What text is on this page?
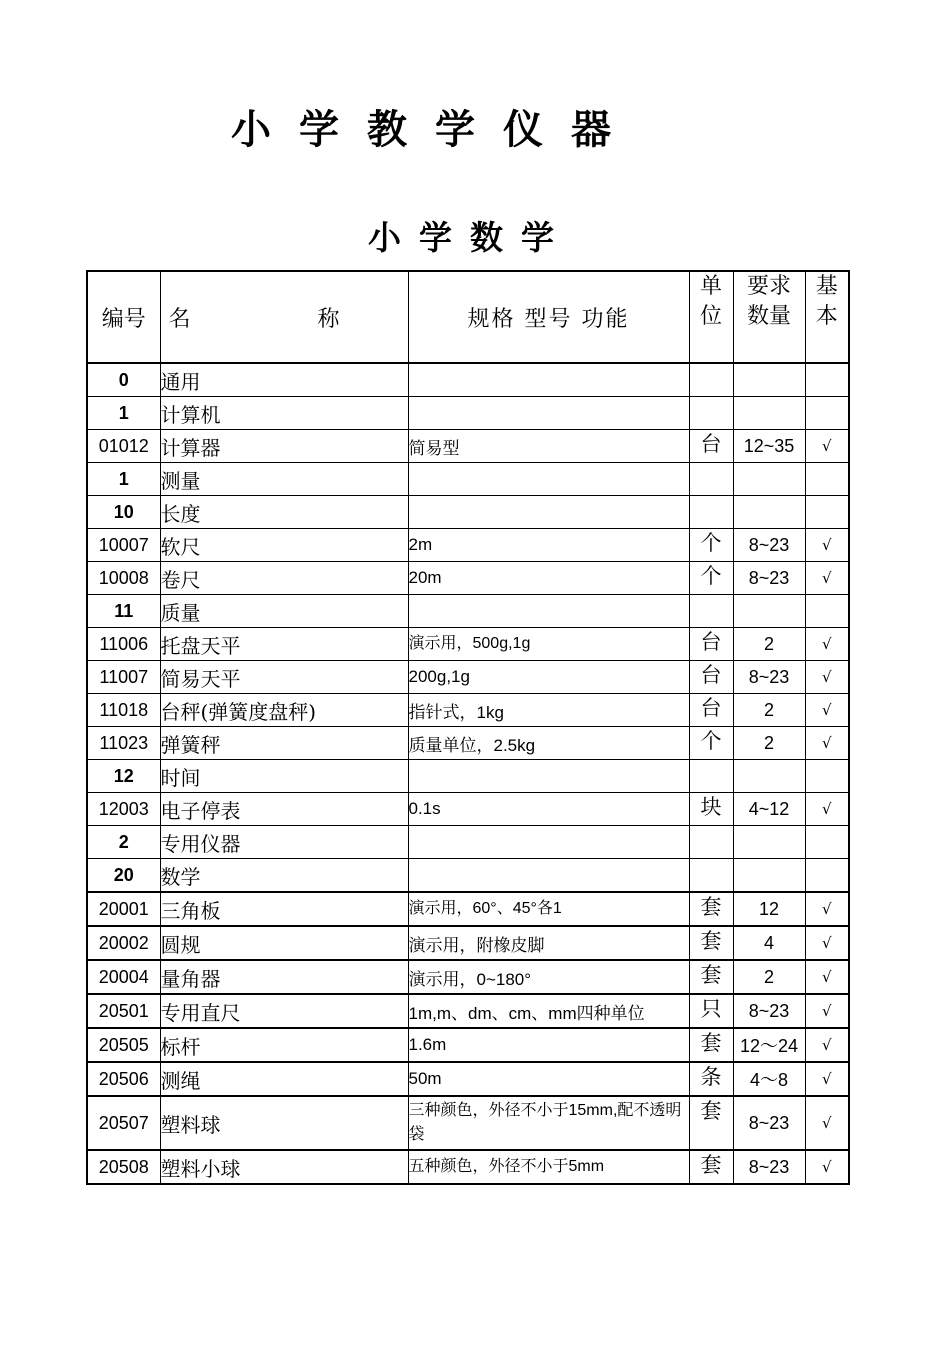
小学教学仪器
小学数学
编号	名 称	规格 型号 功能	单位	要求数量	基本
0	通用				
1	计算机				
01012	计算器	简易型	台	12~35	√
1	测量				
10	长度				
10007	软尺	2m	个	8~23	√
10008	卷尺	20m	个	8~23	√
11	质量				
11006	托盘天平	演示用，500g,1g	台	2	√
11007	简易天平	200g,1g	台	8~23	√
11018	台秤(弹簧度盘秤)	指针式，1kg	台	2	√
11023	弹簧秤	质量单位，2.5kg	个	2	√
12	时间				
12003	电子停表	0.1s	块	4~12	√
2	专用仪器				
20	数学				
20001	三角板	演示用，60°、45°各1	套	12	√
20002	圆规	演示用，附橡皮脚	套	4	√
20004	量角器	演示用，0~180°	套	2	√
20501	专用直尺	1m,m、dm、cm、mm四种单位	只	8~23	√
20505	标杆	1.6m	套	12～24	√
20506	测绳	50m	条	4～8	√
20507	塑料球	三种颜色，外径不小于15mm,配不透明袋	套	8~23	√
20508	塑料小球	五种颜色，外径不小于5mm	套	8~23	√
